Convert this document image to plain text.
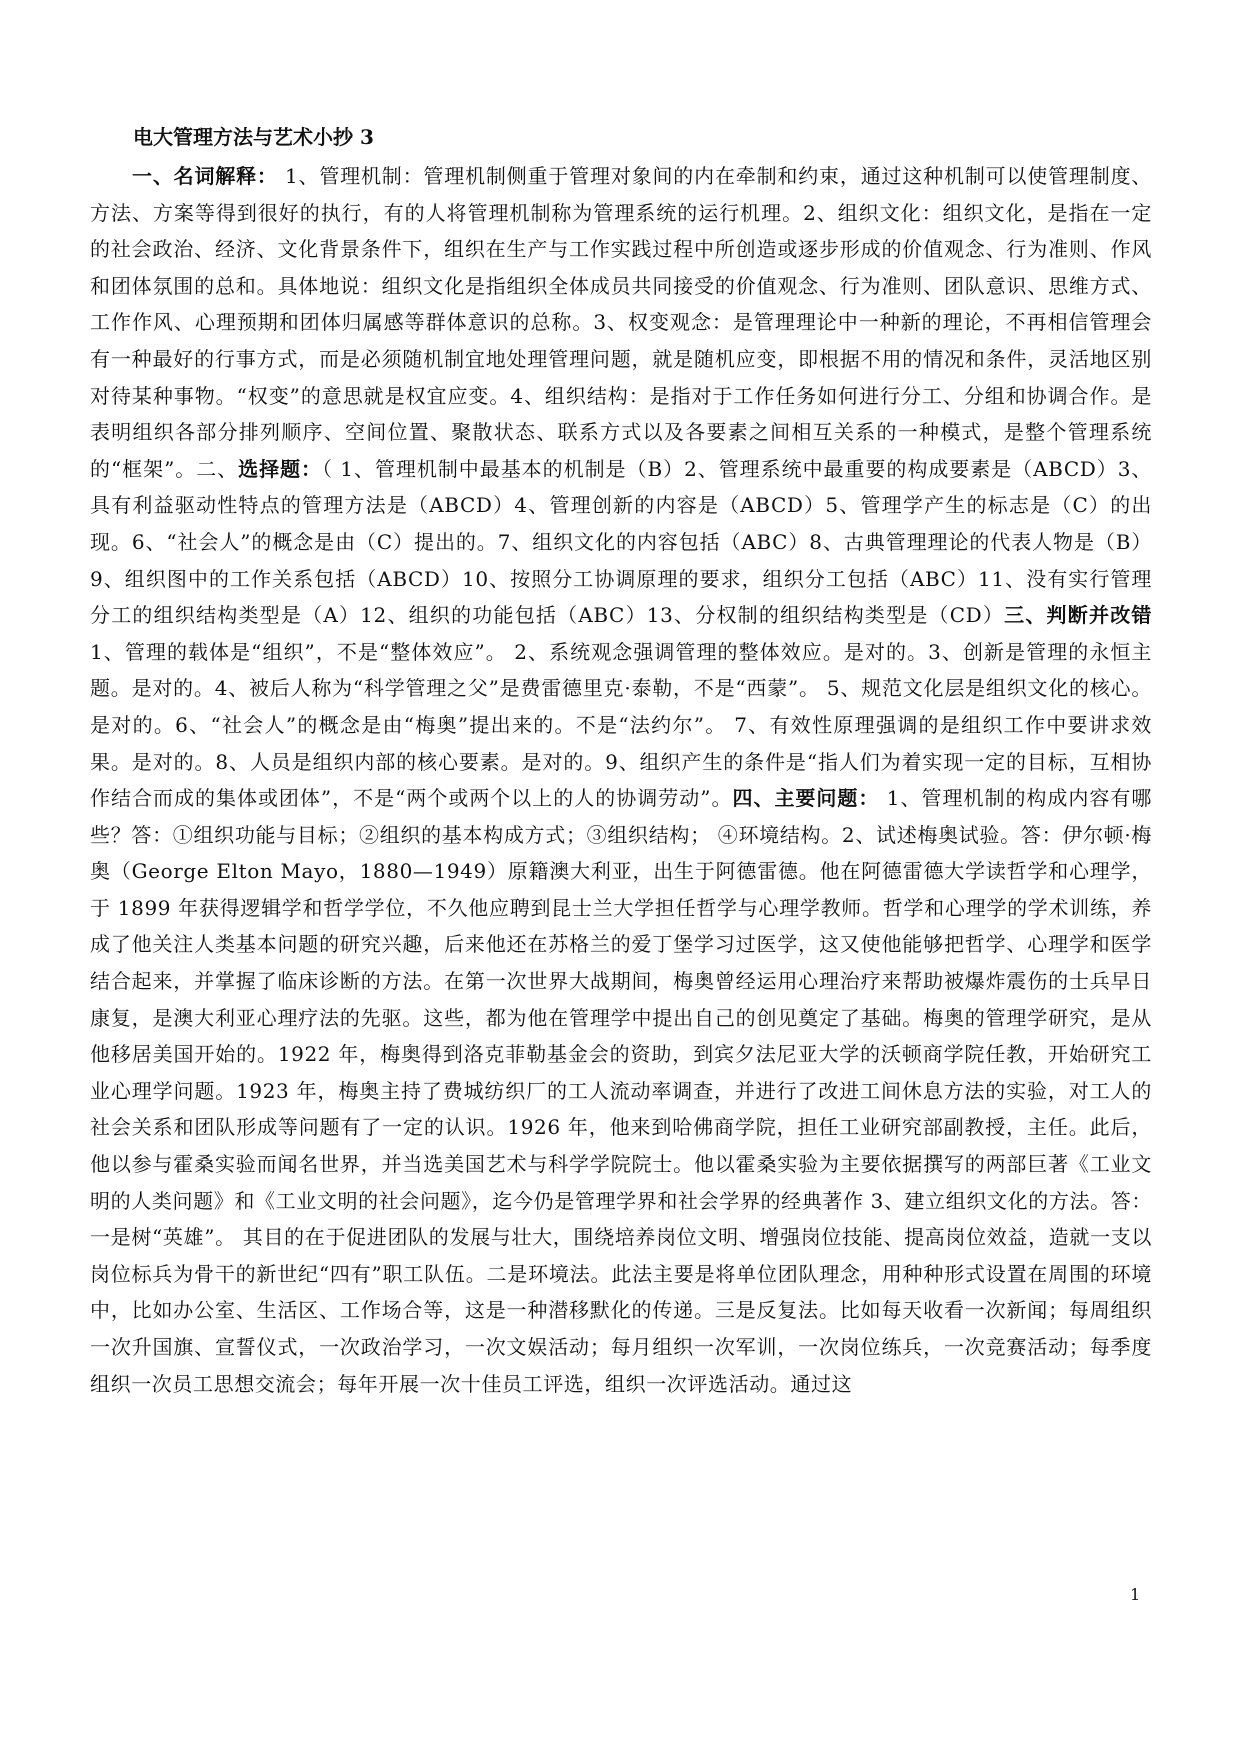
电大管理方法与艺术小抄 3

一、名词解释： 1、管理机制：管理机制侧重于管理对象间的内在牵制和约束，通过这种机制可以使管理制度、方法、方案等得到很好的执行，有的人将管理机制称为管理系统的运行机理。2、组织文化：组织文化，是指在一定的社会政治、经济、文化背景条件下，组织在生产与工作实践过程中所创造或逐步形成的价值观念、行为准则、作风和团体氛围的总和。具体地说：组织文化是指组织全体成员共同接受的价值观念、行为准则、团队意识、思维方式、工作作风、心理预期和团体归属感等群体意识的总称。3、权变观念：是管理理论中一种新的理论，不再相信管理会有一种最好的行事方式，而是必须随机制宜地处理管理问题，就是随机应变，即根据不用的情况和条件，灵活地区别对待某种事物。“权变”的意思就是权宜应变。4、组织结构：是指对于工作任务如何进行分工、分组和协调合作。是表明组织各部分排列顺序、空间位置、聚散状态、联系方式以及各要素之间相互关系的一种模式，是整个管理系统的“框架”。二、选择题：（ 1、管理机制中最基本的机制是（B）2、管理系统中最重要的构成要素是（ABCD）3、具有利益驱动性特点的管理方法是（ABCD）4、管理创新的内容是（ABCD）5、管理学产生的标志是（C）的出现。6、“社会人”的概念是由（C）提出的。7、组织文化的内容包括（ABC）8、古典管理理论的代表人物是（B）9、组织图中的工作关系包括（ABCD）10、按照分工协调原理的要求，组织分工包括（ABC）11、没有实行管理分工的组织结构类型是（A）12、组织的功能包括（ABC）13、分权制的组织结构类型是（CD）三、判断并改错 1、管理的载体是“组织”，不是“整体效应”。 2、系统观念强调管理的整体效应。是对的。3、创新是管理的永恒主题。是对的。4、被后人称为“科学管理之父”是费雷德里克·泰勒，不是“西蒙”。 5、规范文化层是组织文化的核心。是对的。6、“社会人”的概念是由“梅奥”提出来的。不是“法约尔”。 7、有效性原理强调的是组织工作中要讲求效果。是对的。8、人员是组织内部的核心要素。是对的。9、组织产生的条件是“指人们为着实现一定的目标，互相协作结合而成的集体或团体”，不是“两个或两个以上的人的协调劳动”。四、主要问题： 1、管理机制的构成内容有哪些？答：①组织功能与目标；②组织的基本构成方式；③组织结构； ④环境结构。2、试述梅奥试验。答：伊尔顿·梅奥（George Elton Mayo，1880—1949）原籍澳大利亚，出生于阿德雷德。他在阿德雷德大学读哲学和心理学，于 1899 年获得逻辑学和哲学学位，不久他应聘到昆士兰大学担任哲学与心理学教师。哲学和心理学的学术训练，养成了他关注人类基本问题的研究兴趣，后来他还在苏格兰的爱丁堡学习过医学，这又使他能够把哲学、心理学和医学结合起来，并掌握了临床诊断的方法。在第一次世界大战期间，梅奥曾经运用心理治疗来帮助被爆炸震伤的士兵早日康复，是澳大利亚心理疗法的先驱。这些，都为他在管理学中提出自己的创见奠定了基础。梅奥的管理学研究，是从他移居美国开始的。1922 年，梅奥得到洛克菲勒基金会的资助，到宾夕法尼亚大学的沃顿商学院任教，开始研究工业心理学问题。1923 年，梅奥主持了费城纺织厂的工人流动率调查，并进行了改进工间休息方法的实验，对工人的社会关系和团队形成等问题有了一定的认识。1926 年，他来到哈佛商学院，担任工业研究部副教授，主任。此后，他以参与霍桑实验而闻名世界，并当选美国艺术与科学学院院士。他以霍桑实验为主要依据撰写的两部巨著《工业文明的人类问题》和《工业文明的社会问题》，迄今仍是管理学界和社会学界的经典著作 3、建立组织文化的方法。答：一是树“英雄”。 其目的在于促进团队的发展与壮大，围绕培养岗位文明、增强岗位技能、提高岗位效益，造就一支以岗位标兵为骨干的新世纪“四有”职工队伍。二是环境法。此法主要是将单位团队理念，用种种形式设置在周围的环境中，比如办公室、生活区、工作场合等，这是一种潜移默化的传递。三是反复法。比如每天收看一次新闻；每周组织一次升国旗、宣誓仪式，一次政治学习，一次文娱活动；每月组织一次军训，一次岗位练兵，一次竞赛活动；每季度组织一次员工思想交流会；每年开展一次十佳员工评选，组织一次评选活动。通过这

1
